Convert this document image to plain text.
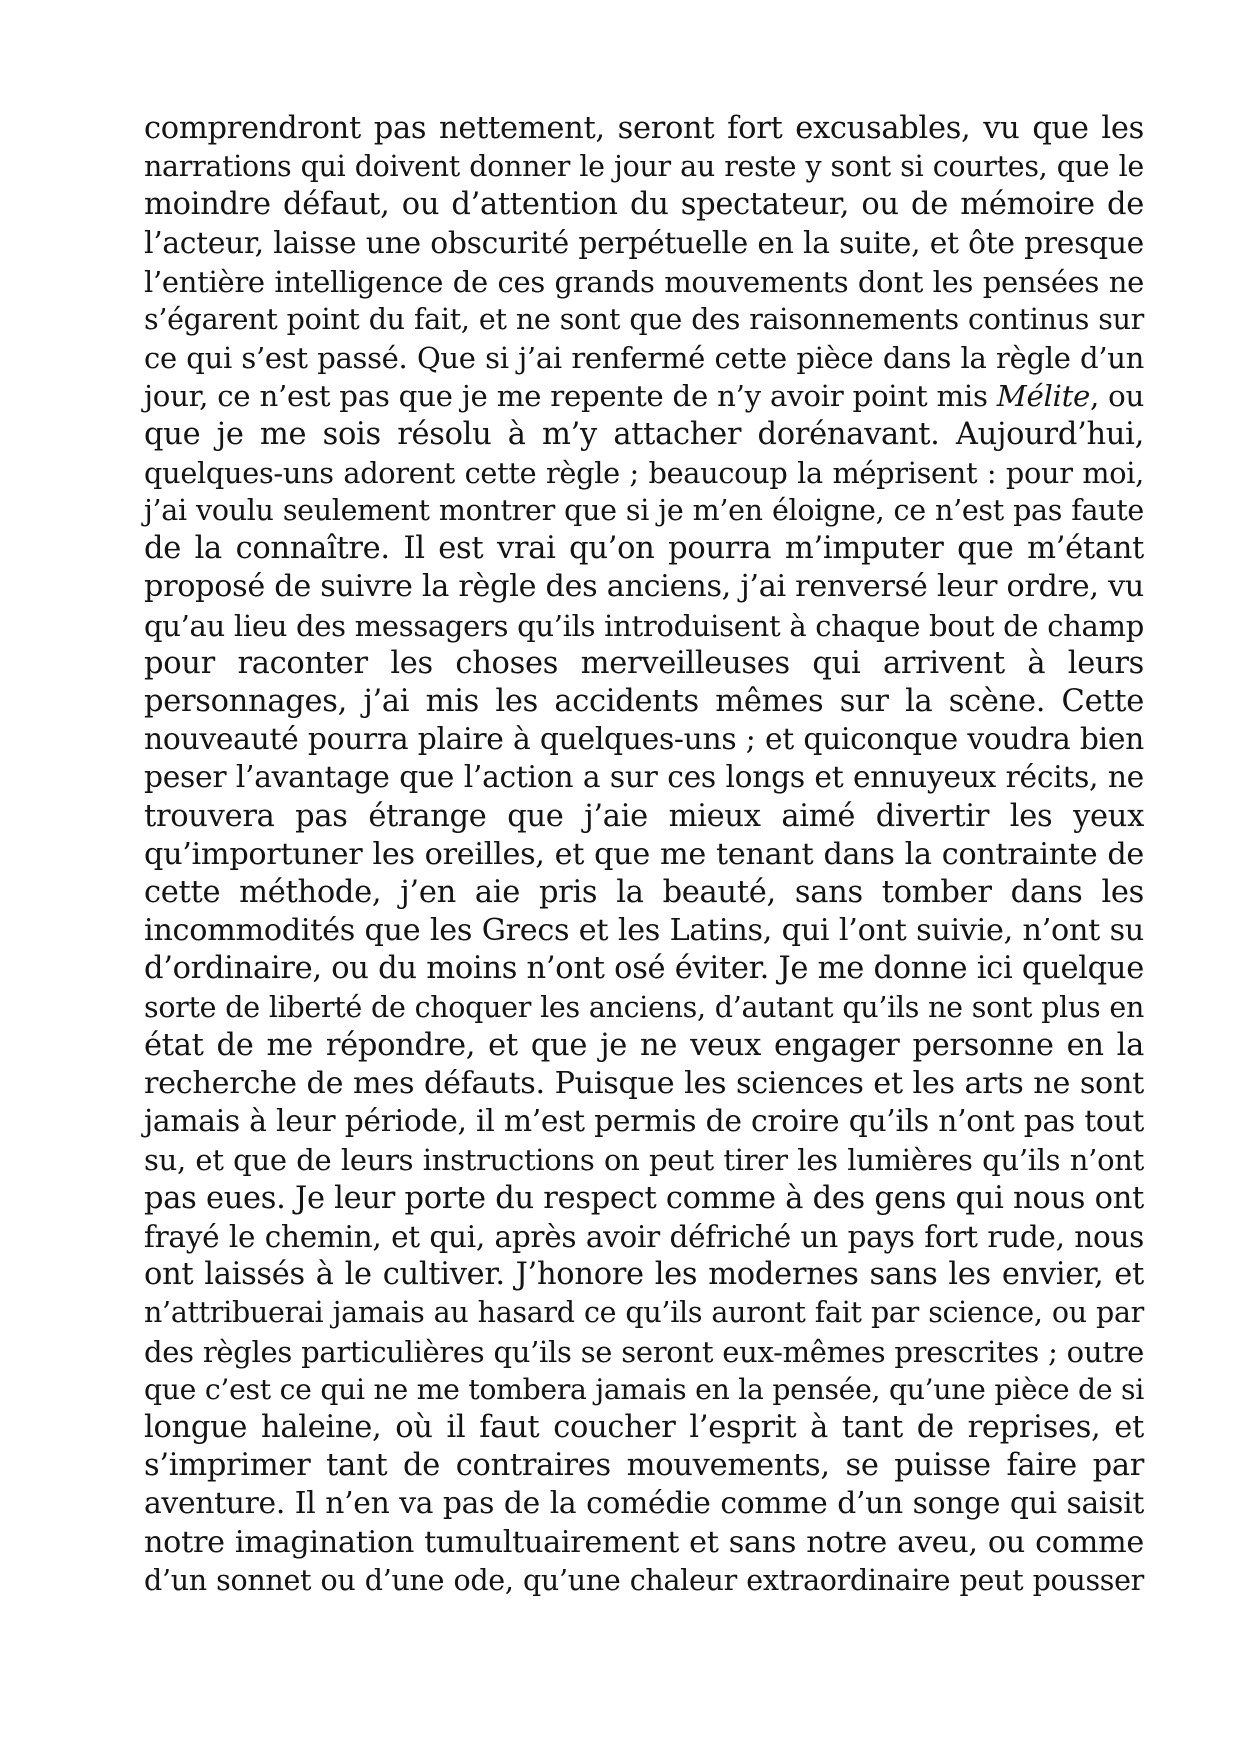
comprendront pas nettement, seront fort excusables, vu que les
narrations qui doivent donner le jour au reste y sont si courtes, que le
moindre défaut, ou d’attention du spectateur, ou de mémoire de
l’acteur, laisse une obscurité perpétuelle en la suite, et ôte presque
l’entière intelligence de ces grands mouvements dont les pensées ne
s’égarent point du fait, et ne sont que des raisonnements continus sur
ce qui s’est passé. Que si j’ai renfermé cette pièce dans la règle d’un
jour, ce n’est pas que je me repente de n’y avoir point mis Mélite, ou
que je me sois résolu à m’y attacher dorénavant. Aujourd’hui,
quelques-uns adorent cette règle ; beaucoup la méprisent : pour moi,
j’ai voulu seulement montrer que si je m’en éloigne, ce n’est pas faute
de la connaître. Il est vrai qu’on pourra m’imputer que m’étant
proposé de suivre la règle des anciens, j’ai renversé leur ordre, vu
qu’au lieu des messagers qu’ils introduisent à chaque bout de champ
pour raconter les choses merveilleuses qui arrivent à leurs
personnages, j’ai mis les accidents mêmes sur la scène. Cette
nouveauté pourra plaire à quelques-uns ; et quiconque voudra bien
peser l’avantage que l’action a sur ces longs et ennuyeux récits, ne
trouvera pas étrange que j’aie mieux aimé divertir les yeux
qu’importuner les oreilles, et que me tenant dans la contrainte de
cette méthode, j’en aie pris la beauté, sans tomber dans les
incommodités que les Grecs et les Latins, qui l’ont suivie, n’ont su
d’ordinaire, ou du moins n’ont osé éviter. Je me donne ici quelque
sorte de liberté de choquer les anciens, d’autant qu’ils ne sont plus en
état de me répondre, et que je ne veux engager personne en la
recherche de mes défauts. Puisque les sciences et les arts ne sont
jamais à leur période, il m’est permis de croire qu’ils n’ont pas tout
su, et que de leurs instructions on peut tirer les lumières qu’ils n’ont
pas eues. Je leur porte du respect comme à des gens qui nous ont
frayé le chemin, et qui, après avoir défriché un pays fort rude, nous
ont laissés à le cultiver. J’honore les modernes sans les envier, et
n’attribuerai jamais au hasard ce qu’ils auront fait par science, ou par
des règles particulières qu’ils se seront eux-mêmes prescrites ; outre
que c’est ce qui ne me tombera jamais en la pensée, qu’une pièce de si
longue haleine, où il faut coucher l’esprit à tant de reprises, et
s’imprimer tant de contraires mouvements, se puisse faire par
aventure. Il n’en va pas de la comédie comme d’un songe qui saisit
notre imagination tumultuairement et sans notre aveu, ou comme
d’un sonnet ou d’une ode, qu’une chaleur extraordinaire peut pousser
